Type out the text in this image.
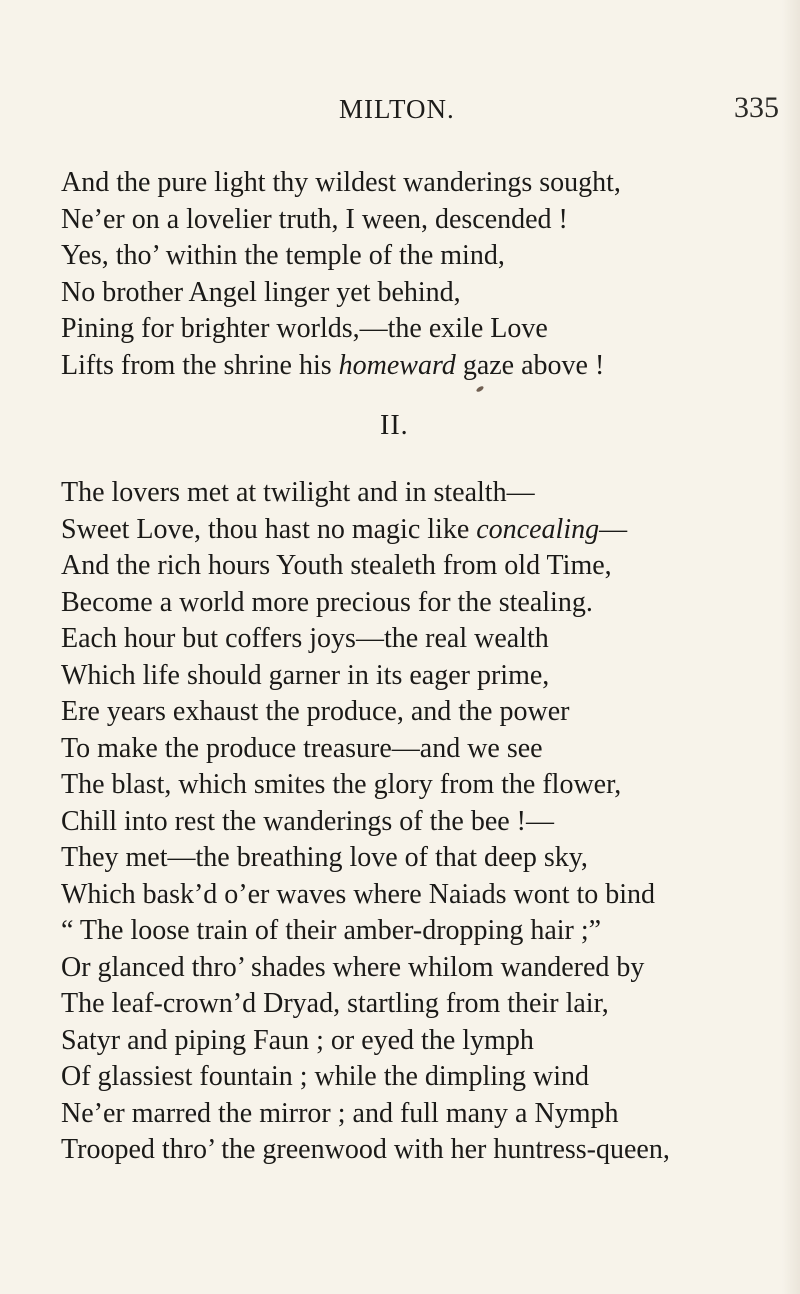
MILTON.	335
And the pure light thy wildest wanderings sought,
Ne’er on a lovelier truth, I ween, descended !
Yes, tho’ within the temple of the mind,
No brother Angel linger yet behind,
Pining for brighter worlds,—the exile Love
Lifts from the shrine his homeward gaze above !
II.
The lovers met at twilight and in stealth—
Sweet Love, thou hast no magic like concealing—
And the rich hours Youth stealeth from old Time,
Become a world more precious for the stealing.
Each hour but coffers joys—the real wealth
Which life should garner in its eager prime,
Ere years exhaust the produce, and the power
To make the produce treasure—and we see
The blast, which smites the glory from the flower,
Chill into rest the wanderings of the bee !—
They met—the breathing love of that deep sky,
Which bask’d o’er waves where Naiads wont to bind
“ The loose train of their amber-dropping hair ;”
Or glanced thro’ shades where whilom wandered by
The leaf-crown’d Dryad, startling from their lair,
Satyr and piping Faun ; or eyed the lymph
Of glassiest fountain ; while the dimpling wind
Ne’er marred the mirror ; and full many a Nymph
Trooped thro’ the greenwood with her huntress-queen,
